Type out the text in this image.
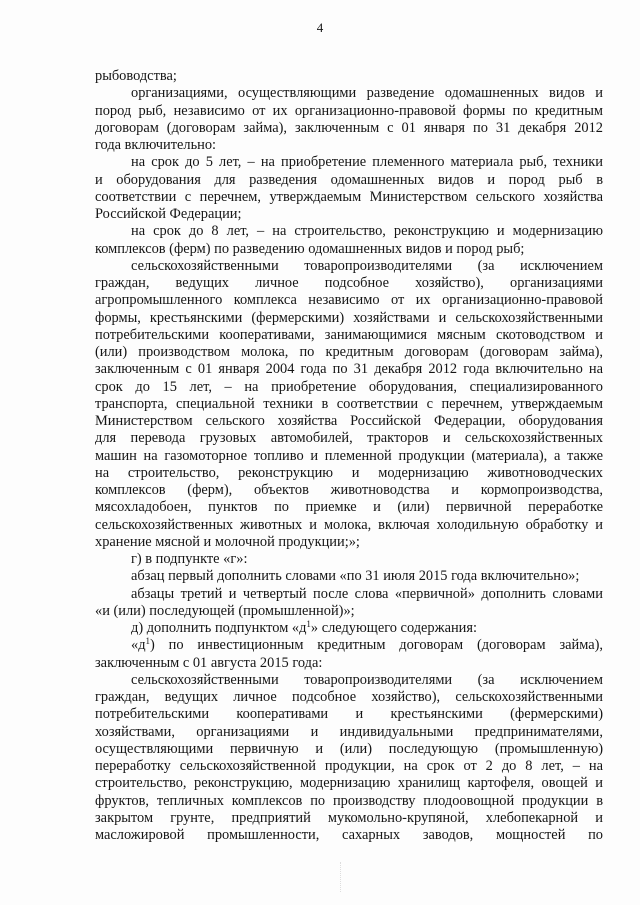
4
рыбоводства;
организациями, осуществляющими разведение одомашненных видов и
пород рыб, независимо от их организационно-правовой формы по кредитным
договорам (договорам займа), заключенным с 01 января по 31 декабря 2012
года включительно:
на срок до 5 лет, – на приобретение племенного материала рыб, техники
и оборудования для разведения одомашненных видов и пород рыб в
соответствии с перечнем, утверждаемым Министерством сельского хозяйства
Российской Федерации;
на срок до 8 лет, – на строительство, реконструкцию и модернизацию
комплексов (ферм) по разведению одомашненных видов и пород рыб;
сельскохозяйственными товаропроизводителями (за исключением
граждан, ведущих личное подсобное хозяйство), организациями
агропромышленного комплекса независимо от их организационно-правовой
формы, крестьянскими (фермерскими) хозяйствами и сельскохозяйственными
потребительскими кооперативами, занимающимися мясным скотоводством и
(или) производством молока, по кредитным договорам (договорам займа),
заключенным с 01 января 2004 года по 31 декабря 2012 года включительно на
срок до 15 лет, – на приобретение оборудования, специализированного
транспорта, специальной техники в соответствии с перечнем, утверждаемым
Министерством сельского хозяйства Российской Федерации, оборудования
для перевода грузовых автомобилей, тракторов и сельскохозяйственных
машин на газомоторное топливо и племенной продукции (материала), а также
на строительство, реконструкцию и модернизацию животноводческих
комплексов (ферм), объектов животноводства и кормопроизводства,
мясохладобоен, пунктов по приемке и (или) первичной переработке
сельскохозяйственных животных и молока, включая холодильную обработку и
хранение мясной и молочной продукции;»;
г) в подпункте «г»:
абзац первый дополнить словами «по 31 июля 2015 года включительно»;
абзацы третий и четвертый после слова «первичной» дополнить словами
«и (или) последующей (промышленной)»;
д) дополнить подпунктом «$д^1$» следующего содержания:
«$д^1$) по инвестиционным кредитным договорам (договорам займа),
заключенным с 01 августа 2015 года:
сельскохозяйственными товаропроизводителями (за исключением
граждан, ведущих личное подсобное хозяйство), сельскохозяйственными
потребительскими кооперативами и крестьянскими (фермерскими)
хозяйствами, организациями и индивидуальными предпринимателями,
осуществляющими первичную и (или) последующую (промышленную)
переработку сельскохозяйственной продукции, на срок от 2 до 8 лет, – на
строительство, реконструкцию, модернизацию хранилищ картофеля, овощей и
фруктов, тепличных комплексов по производству плодоовощной продукции в
закрытом грунте, предприятий мукомольно-крупяной, хлебопекарной и
масложировой промышленности, сахарных заводов, мощностей по
